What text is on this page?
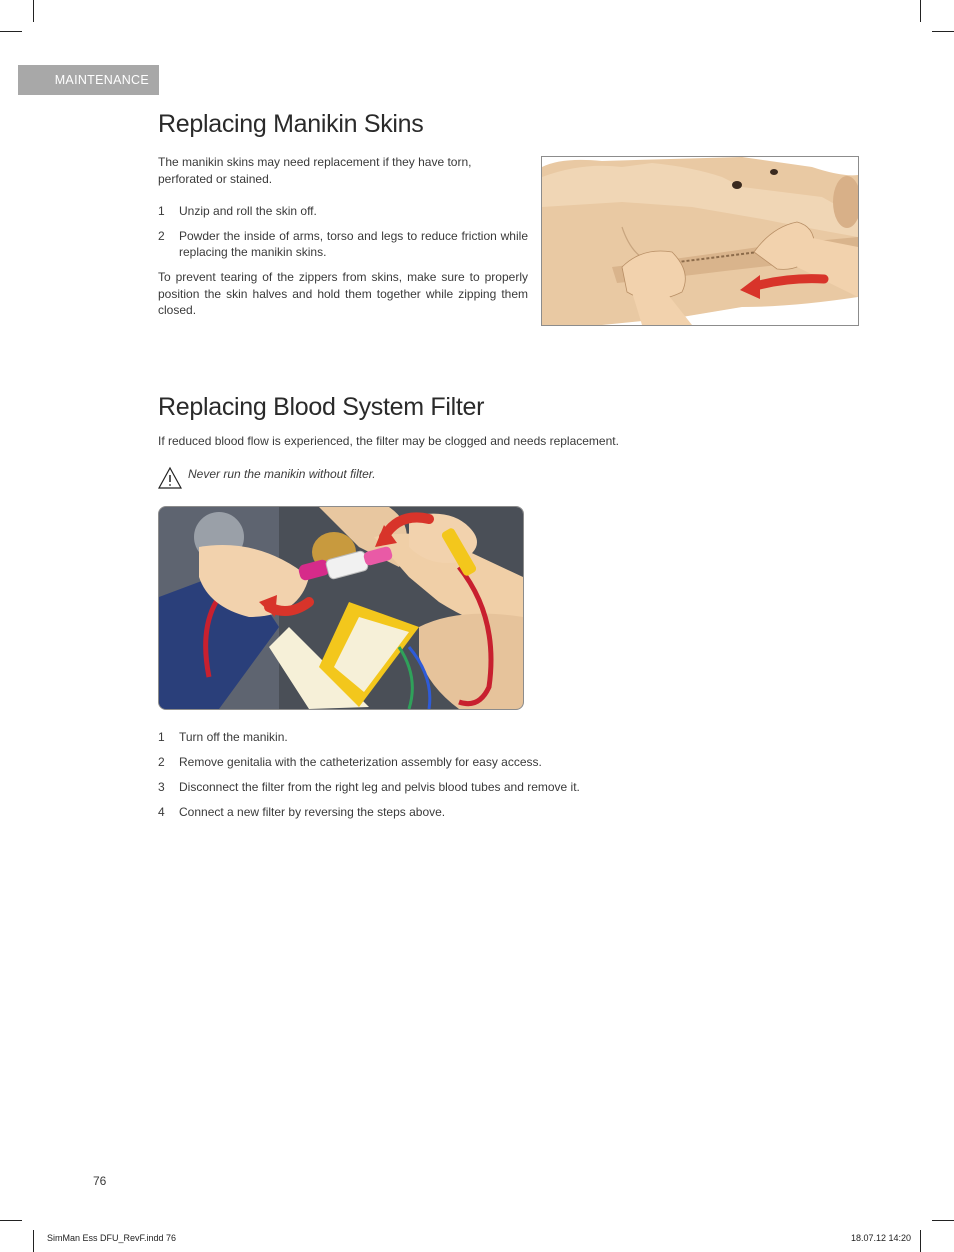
MAINTENANCE
Replacing Manikin Skins

The manikin skins may need replacement if they have torn, perforated or stained.

1 Unzip and roll the skin off.
2 Powder the inside of arms, torso and legs to reduce friction while replacing the manikin skins.

To prevent tearing of the zippers from skins, make sure to properly position the skin halves and hold them together while zipping them closed.

Replacing Blood System Filter

If reduced blood flow is experienced, the filter may be clogged and needs replacement.

Never run the manikin without filter.
1 Turn off the manikin.
2 Remove genitalia with the catheterization assembly for easy access.
3 Disconnect the filter from the right leg and pelvis blood tubes and remove it.
4 Connect a new filter by reversing the steps above.
76
SimMan Ess DFU_RevF.indd 76	18.07.12 14:20
